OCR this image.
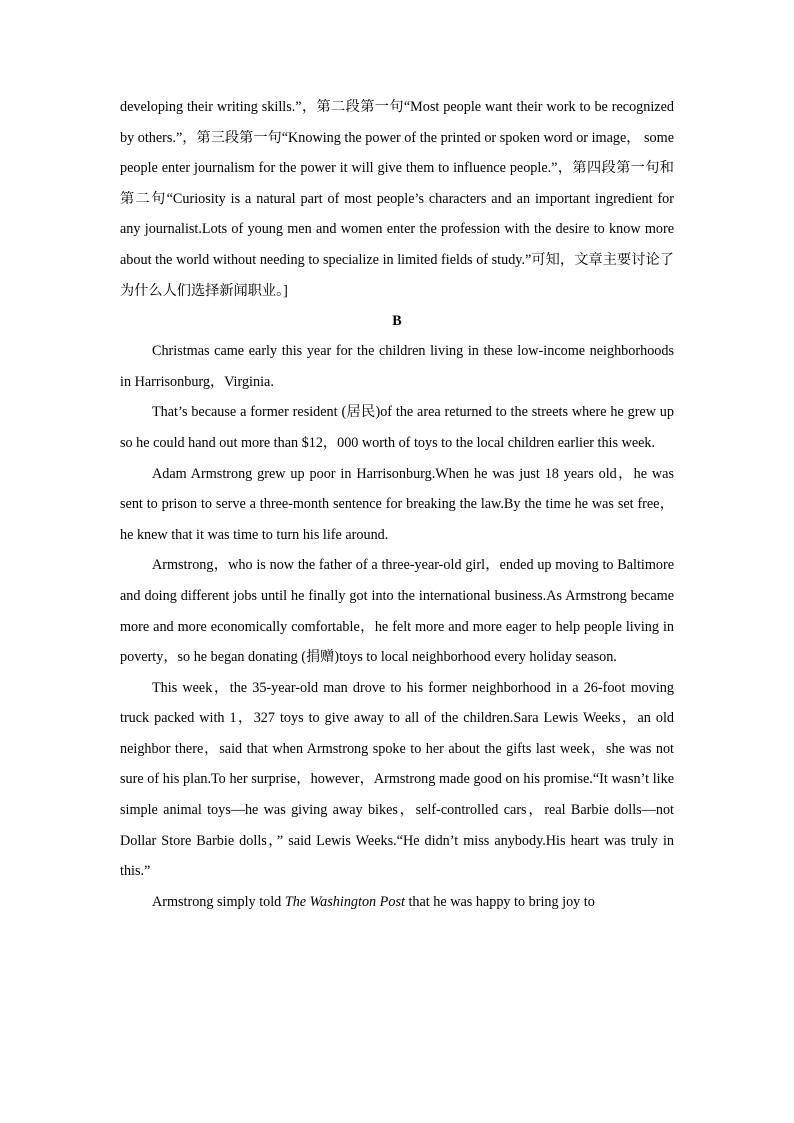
developing their writing skills.”，第二段第一句“Most people want their work to be recognized by others.”，第三段第一句“Knowing the power of the printed or spoken word or image， some people enter journalism for the power it will give them to influence people.”，第四段第一句和第二句“Curiosity is a natural part of most people’s characters and an important ingredient for any journalist.Lots of young men and women enter the profession with the desire to know more about the world without needing to specialize in limited fields of study.”可知，文章主要讨论了为什么人们选择新闻职业。]

B

Christmas came early this year for the children living in these low-income neighborhoods in Harrisonburg，Virginia.

That’s because a former resident (居民)of the area returned to the streets where he grew up so he could hand out more than $12，000 worth of toys to the local children earlier this week.

Adam Armstrong grew up poor in Harrisonburg.When he was just 18 years old，he was sent to prison to serve a three-month sentence for breaking the law.By the time he was set free，he knew that it was time to turn his life around.

Armstrong，who is now the father of a three-year-old girl，ended up moving to Baltimore and doing different jobs until he finally got into the international business.As Armstrong became more and more economically comfortable，he felt more and more eager to help people living in poverty，so he began donating (捐赠)toys to local neighborhood every holiday season.

This week，the 35-year-old man drove to his former neighborhood in a 26-foot moving truck packed with 1，327 toys to give away to all of the children.Sara Lewis Weeks，an old neighbor there，said that when Armstrong spoke to her about the gifts last week，she was not sure of his plan.To her surprise，however，Armstrong made good on his promise.“It wasn’t like simple animal toys—he was giving away bikes，self-controlled cars，real Barbie dolls—not Dollar Store Barbie dolls，” said Lewis Weeks.“He didn’t miss anybody.His heart was truly in this.”

Armstrong simply told The Washington Post that he was happy to bring joy to
